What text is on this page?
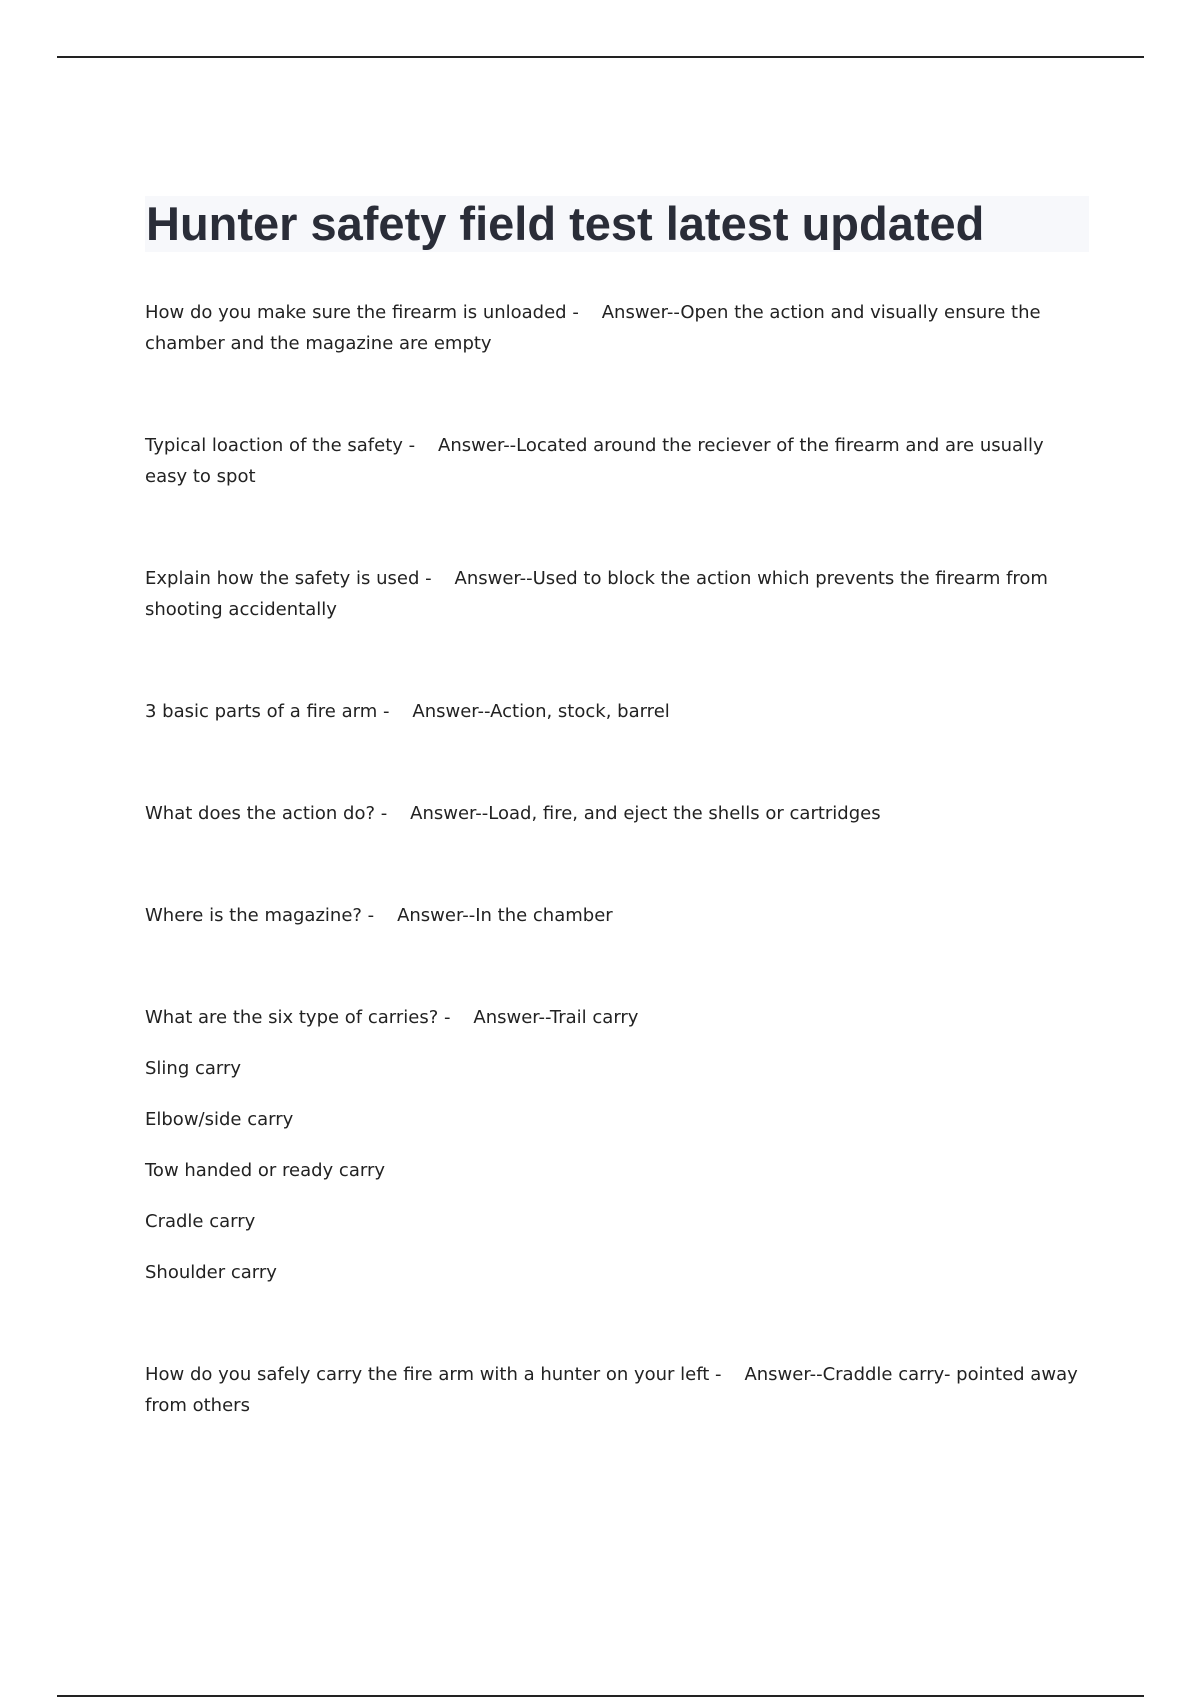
Hunter safety field test latest updated

How do you make sure the firearm is unloaded -    Answer--Open the action and visually ensure the chamber and the magazine are empty

Typical loaction of the safety -    Answer--Located around the reciever of the firearm and are usually easy to spot

Explain how the safety is used -    Answer--Used to block the action which prevents the firearm from shooting accidentally

3 basic parts of a fire arm -    Answer--Action, stock, barrel

What does the action do? -    Answer--Load, fire, and eject the shells or cartridges

Where is the magazine? -    Answer--In the chamber

What are the six type of carries? -    Answer--Trail carry
Sling carry
Elbow/side carry
Tow handed or ready carry
Cradle carry
Shoulder carry

How do you safely carry the fire arm with a hunter on your left -    Answer--Craddle carry- pointed away from others
